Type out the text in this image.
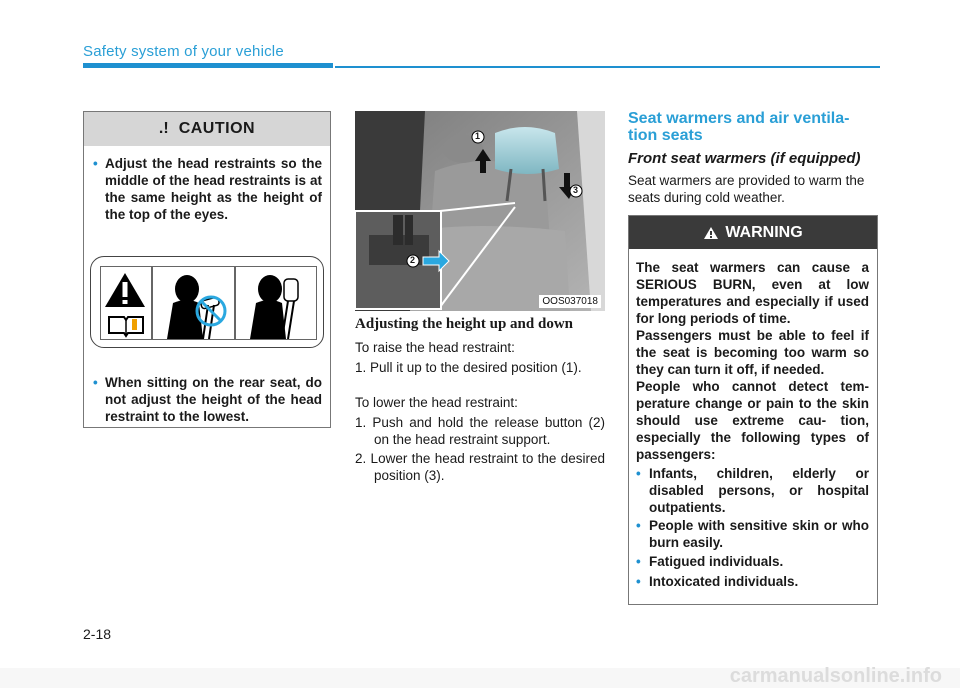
Safety system of your vehicle
.! CAUTION
• Adjust the head restraints so the middle of the head restraints is at the same height as the height of the top of the eyes.
• When sitting on the rear seat, do not adjust the height of the head restraint to the lowest.
1
3
2
OOS037018
Adjusting the height up and down
To raise the head restraint:
1. Pull it up to the desired position (1).
To lower the head restraint:
1. Push and hold the release button (2) on the head restraint support.
2. Lower the head restraint to the desired position (3).
Seat warmers and air ventila-
tion seats
Front seat warmers (if equipped)
Seat warmers are provided to warm the seats during cold weather.
WARNING
The seat warmers can cause a SERIOUS BURN, even at low temperatures and especially if used for long periods of time.
Passengers must be able to feel if the seat is becoming too warm so they can turn it off, if needed.
People who cannot detect tem- perature change or pain to the skin should use extreme cau- tion, especially the following types of passengers:
• Infants, children, elderly or disabled persons, or hospital outpatients.
• People with sensitive skin or who burn easily.
• Fatigued individuals.
• Intoxicated individuals.
2-18
carmanualsonline.info
